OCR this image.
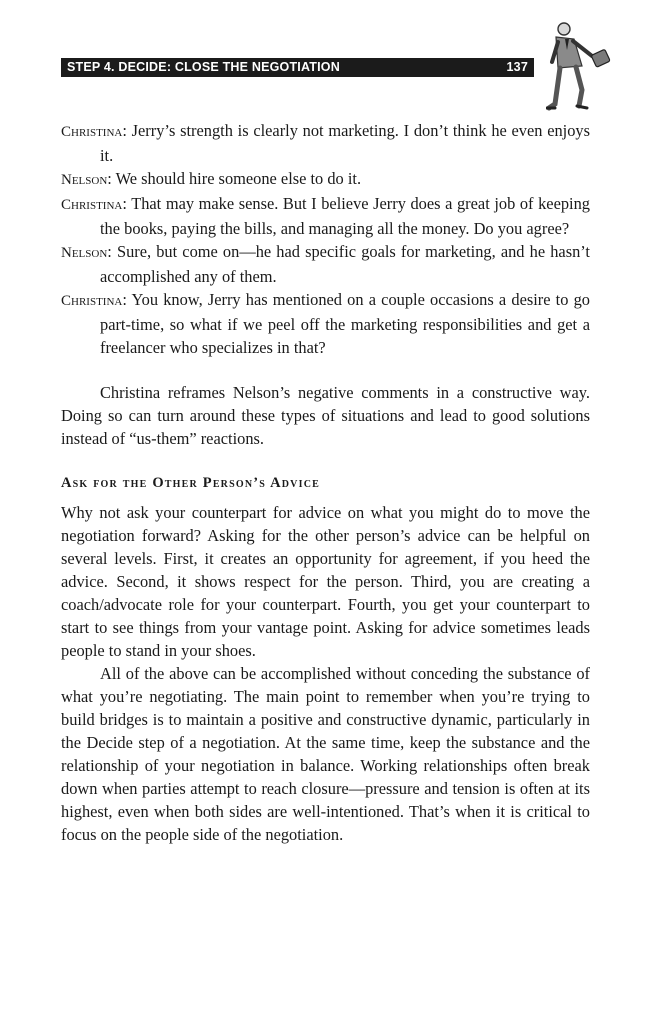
STEP 4. DECIDE: CLOSE THE NEGOTIATION	137

Christina: Jerry’s strength is clearly not marketing. I don’t think he even enjoys it.

Nelson: We should hire someone else to do it.

Christina: That may make sense. But I believe Jerry does a great job of keeping the books, paying the bills, and managing all the money. Do you agree?

Nelson: Sure, but come on—he had specific goals for marketing, and he hasn’t accomplished any of them.

Christina: You know, Jerry has mentioned on a couple occasions a desire to go part-time, so what if we peel off the marketing responsibilities and get a freelancer who specializes in that?

Christina reframes Nelson’s negative comments in a constructive way. Doing so can turn around these types of situations and lead to good solutions instead of “us-them” reactions.

Ask for the Other Person’s Advice

Why not ask your counterpart for advice on what you might do to move the negotiation forward? Asking for the other person’s advice can be helpful on several levels. First, it creates an opportunity for agreement, if you heed the advice. Second, it shows respect for the person. Third, you are creating a coach/advocate role for your counterpart. Fourth, you get your counterpart to start to see things from your vantage point. Asking for advice sometimes leads people to stand in your shoes.

All of the above can be accomplished without conceding the substance of what you’re negotiating. The main point to remember when you’re trying to build bridges is to maintain a positive and constructive dynamic, particularly in the Decide step of a negotiation. At the same time, keep the substance and the relationship of your negotiation in balance. Working relationships often break down when parties attempt to reach closure—pressure and tension is often at its highest, even when both sides are well-intentioned. That’s when it is critical to focus on the people side of the negotiation.
